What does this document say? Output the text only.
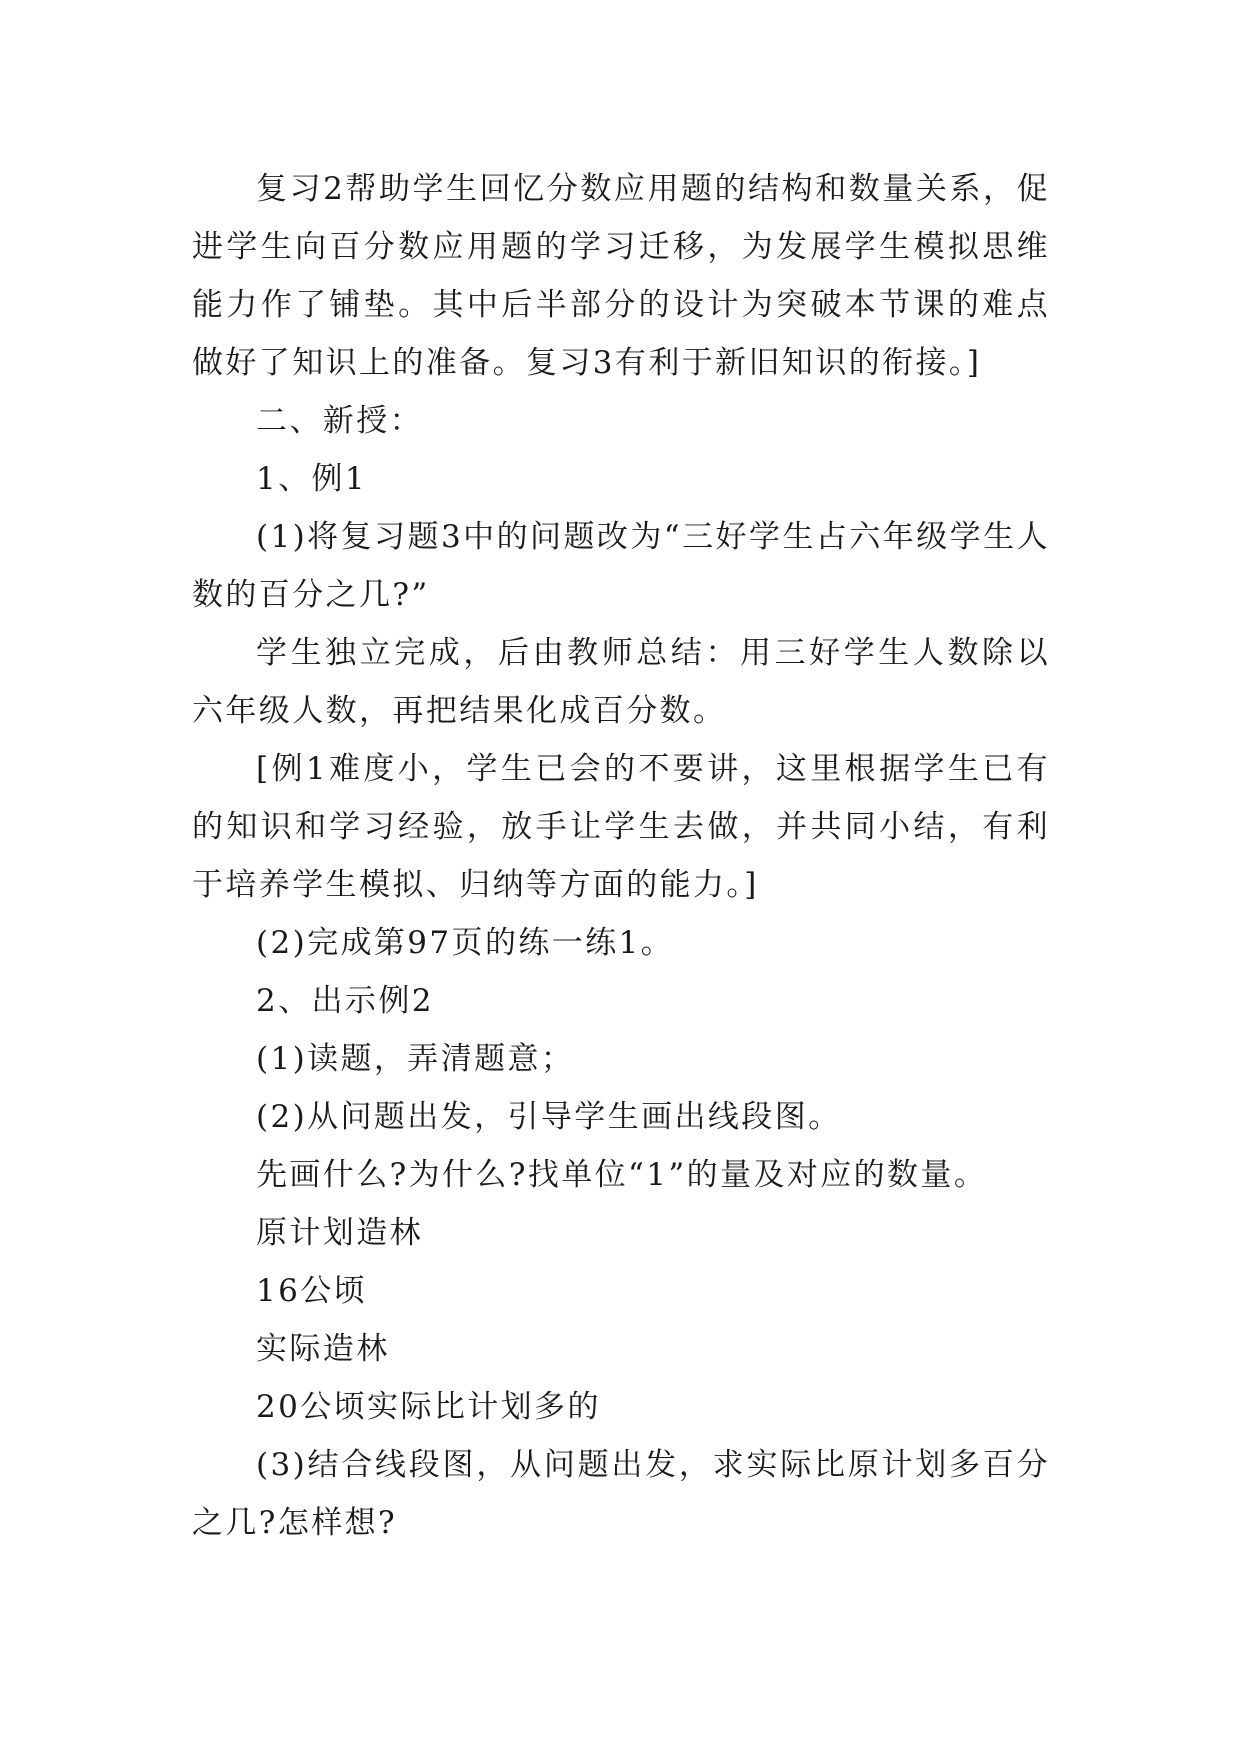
复习2帮助学生回忆分数应用题的结构和数量关系，促进学生向百分数应用题的学习迁移，为发展学生模拟思维能力作了铺垫。其中后半部分的设计为突破本节课的难点做好了知识上的准备。复习3有利于新旧知识的衔接。]

二、新授：

1、例1

(1)将复习题3中的问题改为“三好学生占六年级学生人数的百分之几?”

学生独立完成，后由教师总结：用三好学生人数除以六年级人数，再把结果化成百分数。

[例1难度小，学生已会的不要讲，这里根据学生已有的知识和学习经验，放手让学生去做，并共同小结，有利于培养学生模拟、归纳等方面的能力。]

(2)完成第97页的练一练1。

2、出示例2

(1)读题，弄清题意；

(2)从问题出发，引导学生画出线段图。

先画什么?为什么?找单位“1”的量及对应的数量。

原计划造林

16公顷

实际造林

20公顷实际比计划多的

(3)结合线段图，从问题出发，求实际比原计划多百分之几?怎样想?
